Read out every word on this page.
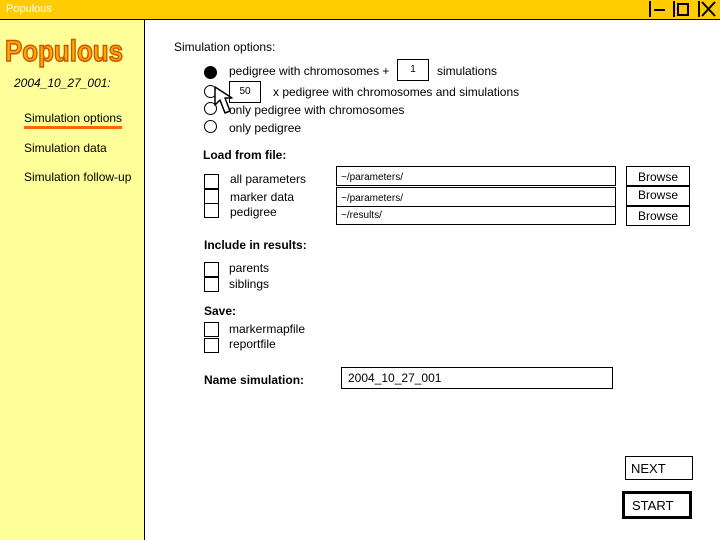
Populous
Populous
2004_10_27_001:
Simulation options
Simulation data
Simulation follow-up
Simulation options:
pedigree with chromosomes +	1	simulations
50	x pedigree with chromosomes and simulations
only pedigree with chromosomes
only pedigree
Load from file:
all parameters	~/parameters/	Browse
marker data	~/parameters/	Browse
pedigree	~/results/	Browse
Include in results:
parents
siblings
Save:
markermapfile
reportfile
Name simulation:	2004_10_27_001
NEXT
START
